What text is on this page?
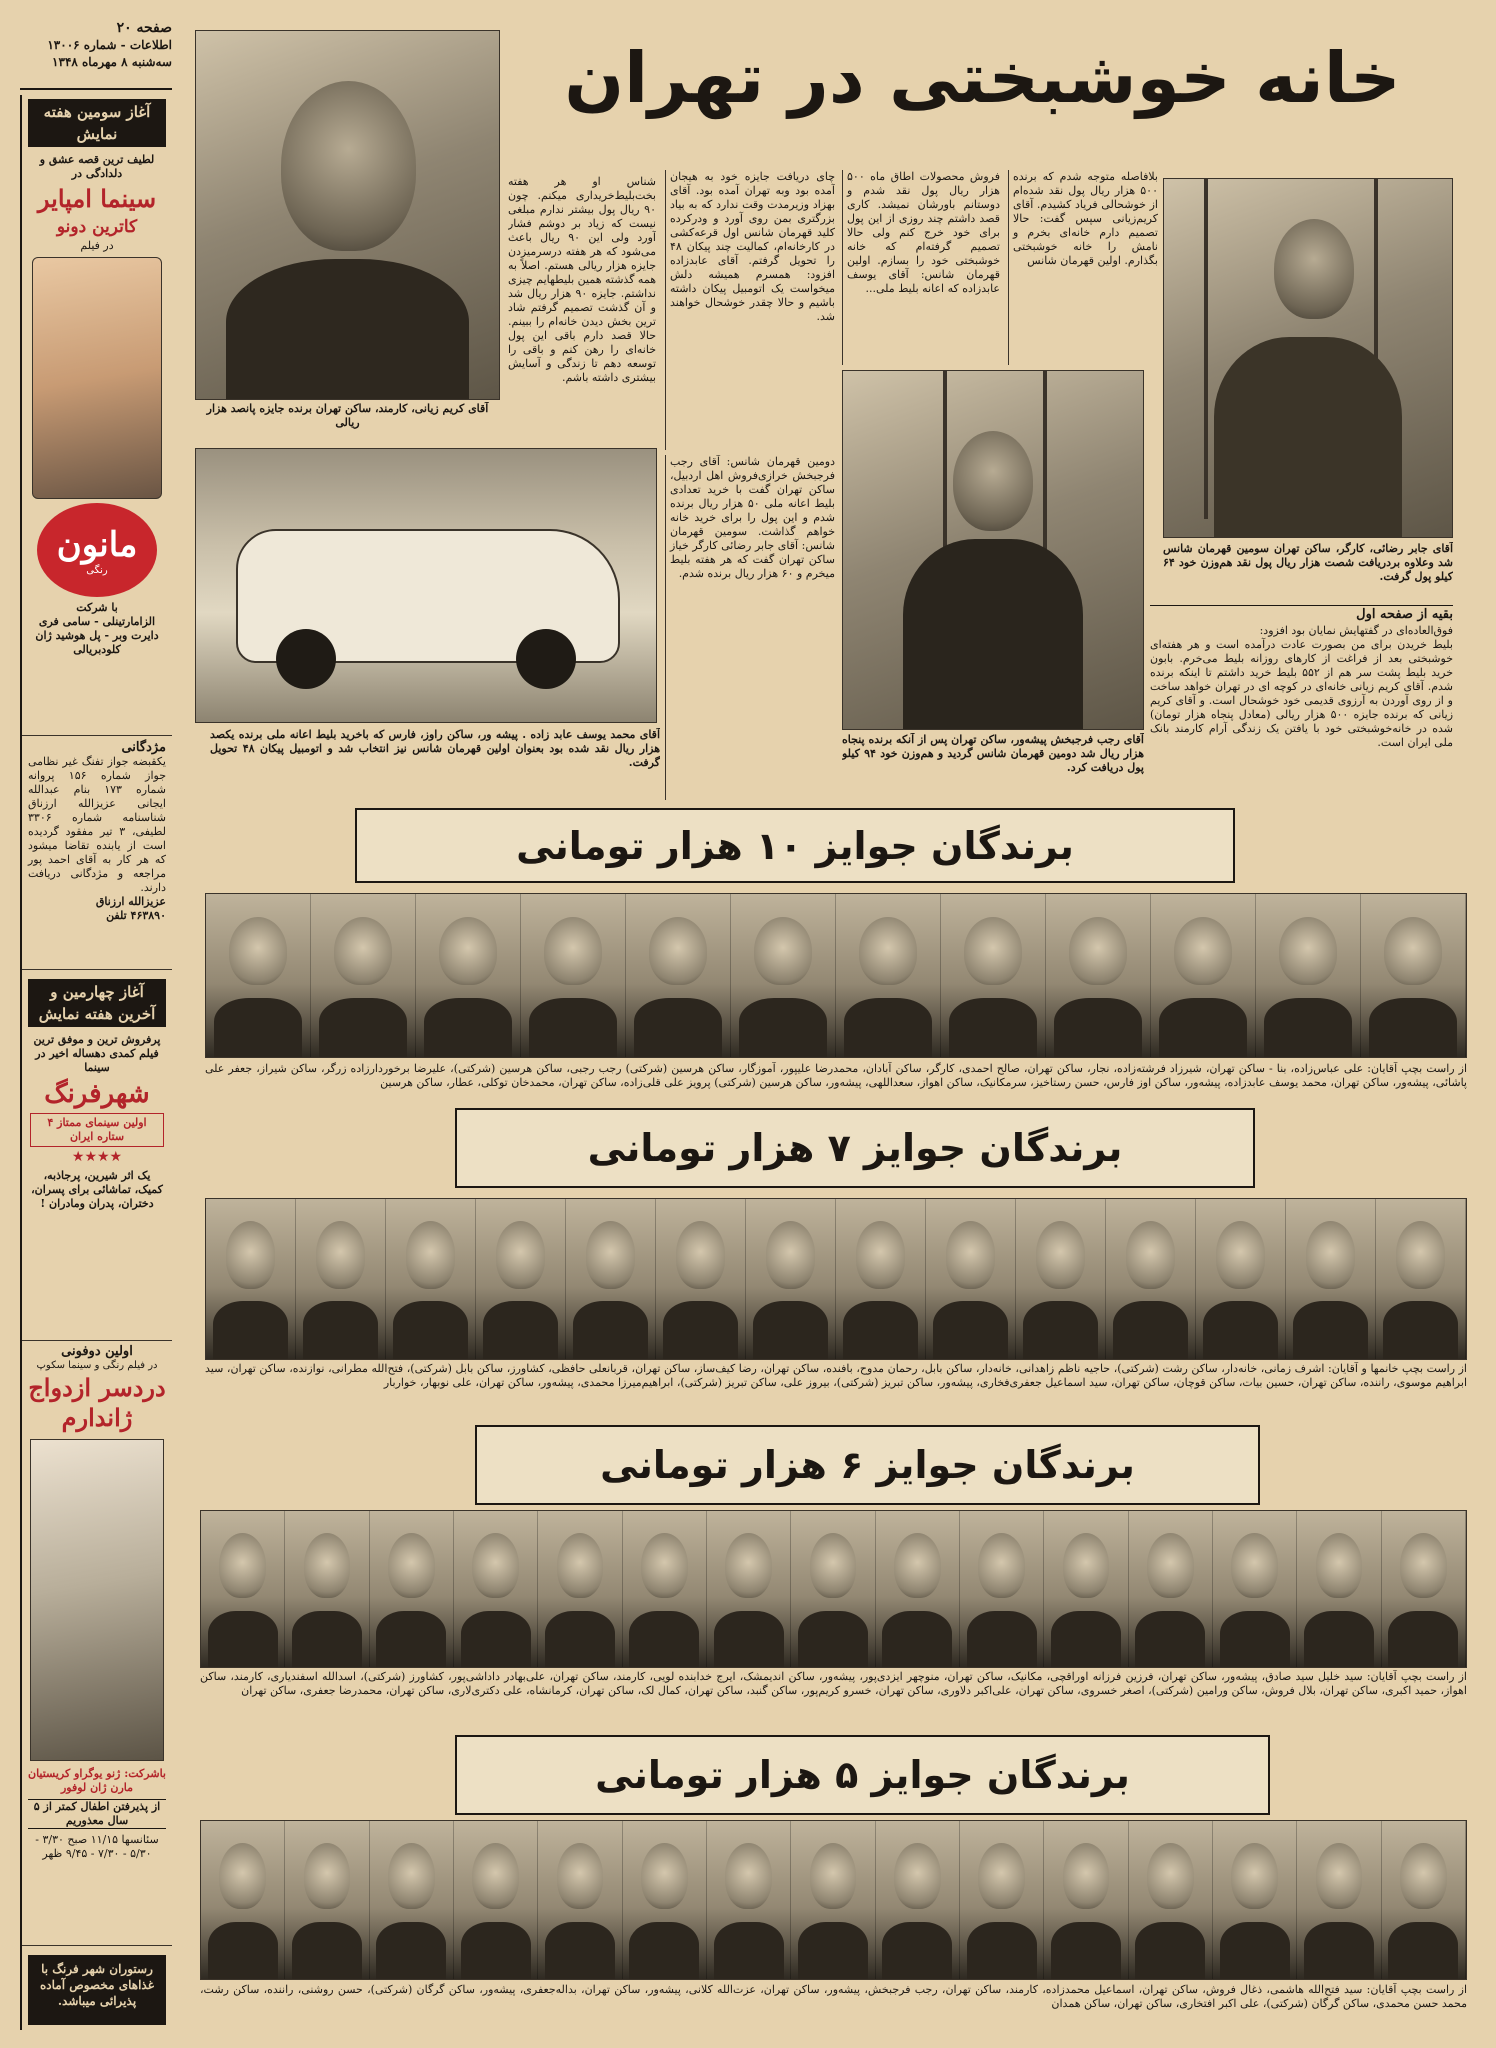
صفحه ۲۰
اطلاعات - شماره ۱۳۰۰۶
سه‌شنبه ۸ مهرماه ۱۳۴۸	خانه خوشبختی در تهران
آغاز سومین هفته نمایش
لطیف ترین قصه عشق و دلدادگی در
سینما امپایر
کاترین دونو
در فیلم
مانون
رنگی
با شرکت
الزامارتینلی - سامی فری دایرت وبر - پل هوشید ژان کلودبریالی
مژدگانی
یکقبضه جواز تفنگ غیر نظامی جواز شماره ۱۵۶ پروانه شماره ۱۷۳ بنام عبدالله ایجانی عزیزالله ارزناق شناسنامه شماره ۳۳۰۶ لطیفی، ۳ تیر مفقود گردیده است از یابنده تقاضا میشود که هر کار به آقای احمد پور مراجعه و مژدگانی دریافت دارند.
عزیزالله ارزناق
۴۶۳۸۹۰ تلفن
آغاز چهارمین و آخرین هفته نمایش
پرفروش ترین و موفق ترین فیلم کمدی دهساله اخیر در سینما
شهرفرنگ
اولین سینمای ممتاز ۴ ستاره ایران
★★★★
یک اثر شیرین، پرجاذبه، کمیک، تماشائی برای پسران، دختران، پدران ومادران !
اولین دوفونی
در فیلم رنگی و سینما سکوپ
دردسر ازدواج ژاندارم
باشرکت: ژنو یوگراو کریستیان مارن ژان لوفور
از پذیرفتن اطفال کمتر از ۵ سال معذوریم
سئانسها ۱۱/۱۵ صبح ۳/۳۰ - ۵/۳۰ - ۷/۳۰ - ۹/۴۵ ظهر
رستوران شهر فرنگ با غذاهای مخصوص آماده پذیرائی میباشد.
آقای کریم زیانی، کارمند، ساکن تهران برنده جایزه پانصد هزار ریالی
آقای محمد یوسف عابد زاده . پیشه ور، ساکن راوز، فارس که باخرید بلیط اعانه ملی برنده یکصد هزار ریال نقد شده بود بعنوان اولین قهرمان شانس نیز انتخاب شد و اتومبیل پیکان ۴۸ تحویل گرفت.
آقای رجب فرجبخش پیشه‌ور، ساکن تهران پس از آنکه برنده پنجاه هزار ریال شد دومین قهرمان شانس گردید و هم‌وزن خود ۹۴ کیلو پول دریافت کرد.
آقای جابر رضائی، کارگر، ساکن تهران سومین قهرمان شانس شد وعلاوه بردریافت شصت هزار ریال پول نقد هم‌وزن خود ۶۴ کیلو پول گرفت.
شناس او هر هفته بخت‌بلیط‌خریداری میکنم. چون ۹۰ ریال پول بیشتر ندارم مبلغی نیست که زیاد بر دوشم فشار آورد ولی این ۹۰ ریال باعث می‌شود که هر هفته درسرمیزدن جایزه هزار ریالی هستم. اصلاً به همه گذشته همین بلیطهایم چیزی نداشتم. جایزه ۹۰ هزار ریال شد و آن گذشت تصمیم گرفتم شاد ترین بخش دیدن خانه‌ام را ببینم. حالا قصد دارم باقی این پول خانه‌ای را رهن کنم و باقی را توسعه دهم تا زندگی و آسایش بیشتری داشته باشم.
چای دریافت جایزه خود به هیجان آمده بود وبه تهران آمده بود. آقای بهزاد وزیرمدت وقت ندارد که به بیاد بزرگتری بمن روی آورد و ودرکرده کلید قهرمان شانس اول قرعه‌کشی در کارخانه‌ام، کمالیت چند پیکان ۴۸ را تحویل گرفتم. آقای عابدزاده افزود: همسرم همیشه دلش میخواست یک اتومبیل پیکان داشته باشیم و حالا چقدر خوشحال خواهند شد.
فروش محصولات اطاق ماه ۵۰۰ هزار ریال پول نقد شدم و دوستانم باورشان نمیشد. کاری قصد داشتم چند روزی از این پول برای خود خرج کنم ولی حالا تصمیم گرفته‌ام که خانه خوشبختی خود را بسازم. اولین قهرمان شانس: آقای یوسف عابدزاده که اعانه بلیط ملی...
بلافاصله متوجه شدم که برنده ۵۰۰ هزار ریال پول نقد شده‌ام از خوشحالی فریاد کشیدم. آقای کریم‌زیانی سپس گفت: حالا تصمیم دارم خانه‌ای بخرم و نامش را خانه خوشبختی بگذارم. اولین قهرمان شانس
دومین قهرمان شانس: آقای رجب فرجبخش خرازی‌فروش اهل اردبیل، ساکن تهران گفت با خرید تعدادی بلیط اعانه ملی ۵۰ هزار ریال برنده شدم و این پول را برای خرید خانه خواهم گذاشت. سومین قهرمان شانس: آقای جابر رضائی کارگر خیاز ساکن تهران گفت که هر هفته بلیط میخرم و ۶۰ هزار ریال برنده شدم.
بقیه از صفحه اول
فوق‌العاده‌ای در گفتهایش نمایان بود افزود:
بلیط خریدن برای من بصورت عادت درآمده است و هر هفته‌ای خوشبختی بعد از فراغت از کارهای روزانه بلیط می‌خرم. بابون خرید بلیط پشت سر هم از ۵۵۲ بلیط خرید داشتم تا اینکه برنده شدم. آقای کریم زیانی خانه‌ای در کوچه ای در تهران خواهد ساخت و از روی آوردن به آرزوی قدیمی خود خوشحال است. و آقای کریم زیانی که برنده جایزه ۵۰۰ هزار ریالی (معادل پنجاه هزار تومان) شده در خانه‌خوشبختی خود با یافتن یک زندگی آرام کارمند بانک ملی ایران است.
برندگان جوایز ۱۰ هزار تومانی
از راست بچپ آقایان: علی عباس‌زاده، بنا - ساکن تهران، شیرزاد فرشته‌زاده، نجار، ساکن تهران، صالح احمدی، کارگر، ساکن آبادان، محمدرضا علیپور، آموزگار، ساکن هرسین (شرکتی) رجب رجبی، ساکن هرسین (شرکتی)، علیرضا برخوردارزاده زرگر، ساکن شیراز، جعفر علی پاشائی، پیشه‌ور، ساکن تهران، محمد یوسف عابدزاده، پیشه‌ور، ساکن اوز فارس، حسن رستاخیز، سرمکانیک، ساکن اهواز، سعداللهی، پیشه‌ور، ساکن هرسین (شرکتی) پرویز علی قلی‌زاده، ساکن تهران، محمدخان توکلی، عطار، ساکن هرسین
برندگان جوایز ۷ هزار تومانی
از راست بچپ خانمها و آقایان: اشرف زمانی، خانه‌دار، ساکن رشت (شرکتی)، حاجیه ناظم زاهدانی، خانه‌دار، ساکن بابل، رحمان مدوح، بافنده، ساکن تهران، رضا کیف‌ساز، ساکن تهران، قربانعلی حافظی، کشاورز، ساکن بابل (شرکتی)، فتح‌الله مطرانی، نوازنده، ساکن تهران، سید ابراهیم موسوی، راننده، ساکن تهران، حسین بیات، ساکن قوچان، ساکن تهران، سید اسماعیل جعفری‌فخاری، پیشه‌ور، ساکن تبریز (شرکتی)، بیروز علی، ساکن تبریز (شرکتی)، ابراهیم‌میرزا محمدی، پیشه‌ور، ساکن تهران، علی نوبهار، خواربار
برندگان جوایز ۶ هزار تومانی
از راست بچپ آقایان: سید خلیل سید صادق، پیشه‌ور، ساکن تهران، فرزین فرزانه اوراقچی، مکانیک، ساکن تهران، منوچهر ایزدی‌پور، پیشه‌ور، ساکن اندیمشک، ایرج خدابنده لویی، کارمند، ساکن تهران، علی‌بهادر داداشی‌پور، کشاورز (شرکتی)، اسدالله اسفندیاری، کارمند، ساکن اهواز، حمید اکبری، ساکن تهران، بلال فروش، ساکن ورامین (شرکتی)، اصغر خسروی، ساکن تهران، علی‌اکبر دلاوری، ساکن تهران، خسرو کریم‌پور، ساکن گنبد، ساکن تهران، کمال لک، ساکن تهران، کرمانشاه، علی دکتری‌لاری، ساکن تهران، محمدرضا جعفری، ساکن تهران
برندگان جوایز ۵ هزار تومانی
از راست بچپ آقایان: سید فتح‌الله هاشمی، ذغال فروش، ساکن تهران، اسماعیل محمدزاده، کارمند، ساکن تهران، رجب فرجبخش، پیشه‌ور، ساکن تهران، عزت‌الله کلانی، پیشه‌ور، ساکن تهران، بداله‌جعفری، پیشه‌ور، ساکن گرگان (شرکتی)، حسن روشنی، راننده، ساکن رشت، محمد حسن محمدی، ساکن گرگان (شرکتی)، علی اکبر افتخاری، ساکن تهران، ساکن همدان
